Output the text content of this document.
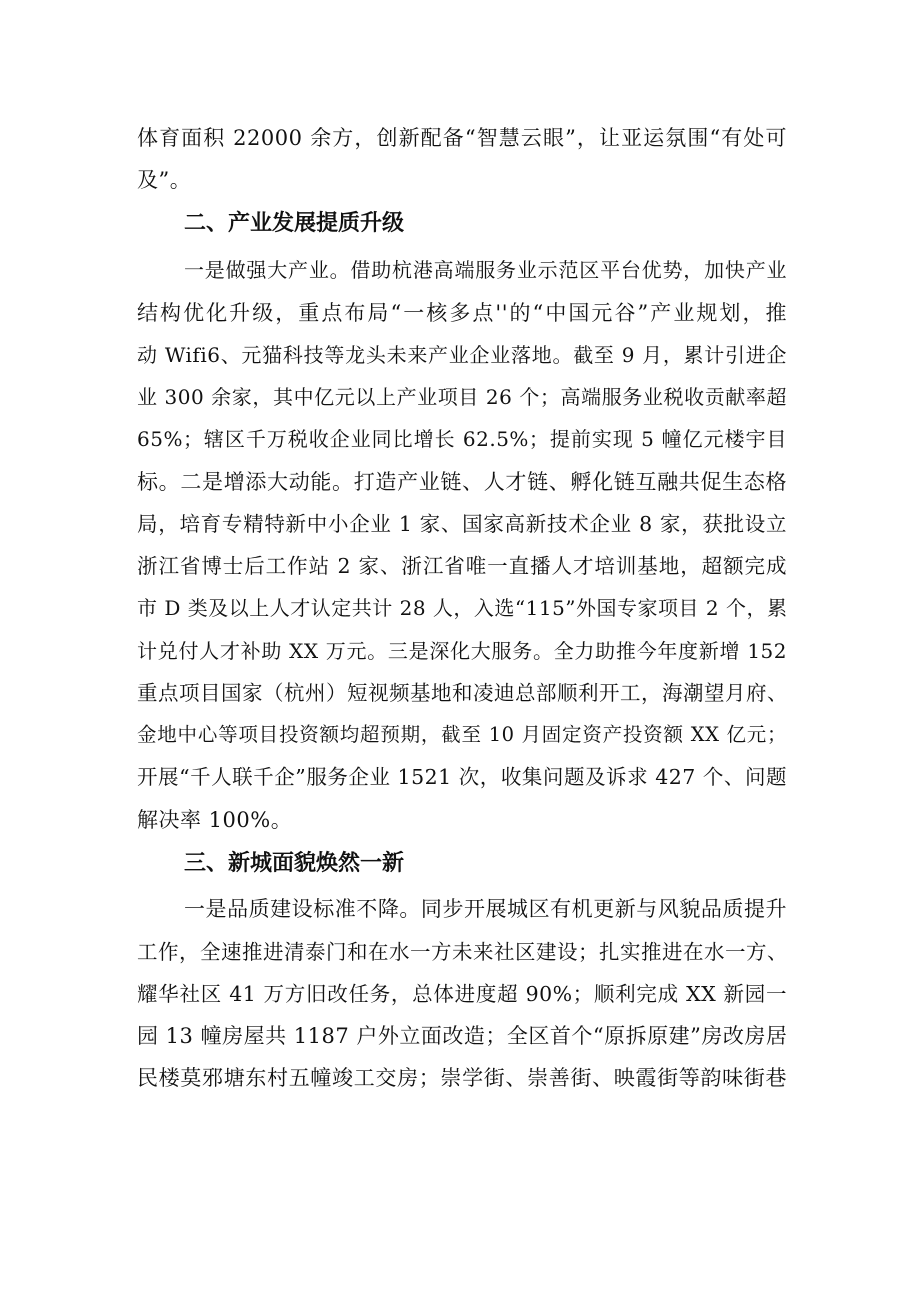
体育面积 22000 余方，创新配备“智慧云眼”，让亚运氛围“有处可
及”。
二、产业发展提质升级
一是做强大产业。借助杭港高端服务业示范区平台优势，加快产业
结构优化升级，重点布局“一核多点''的“中国元谷”产业规划，推
动 Wifi6、元猫科技等龙头未来产业企业落地。截至 9 月，累计引进企
业 300 余家，其中亿元以上产业项目 26 个；高端服务业税收贡献率超
65%；辖区千万税收企业同比增长 62.5%；提前实现 5 幢亿元楼宇目
标。二是增添大动能。打造产业链、人才链、孵化链互融共促生态格
局，培育专精特新中小企业 1 家、国家高新技术企业 8 家，获批设立
浙江省博士后工作站 2 家、浙江省唯一直播人才培训基地，超额完成
市 D 类及以上人才认定共计 28 人，入选“115”外国专家项目 2 个，累
计兑付人才补助 XX 万元。三是深化大服务。全力助推今年度新增 152
重点项目国家（杭州）短视频基地和凌迪总部顺利开工，海潮望月府、
金地中心等项目投资额均超预期，截至 10 月固定资产投资额 XX 亿元；
开展“千人联千企”服务企业 1521 次，收集问题及诉求 427 个、问题
解决率 100%。
三、新城面貌焕然一新
一是品质建设标准不降。同步开展城区有机更新与风貌品质提升
工作，全速推进清泰门和在水一方未来社区建设；扎实推进在水一方、
耀华社区 41 万方旧改任务，总体进度超 90%；顺利完成 XX 新园一
园 13 幢房屋共 1187 户外立面改造；全区首个“原拆原建”房改房居
民楼莫邪塘东村五幢竣工交房；崇学街、崇善街、映霞街等韵味街巷
